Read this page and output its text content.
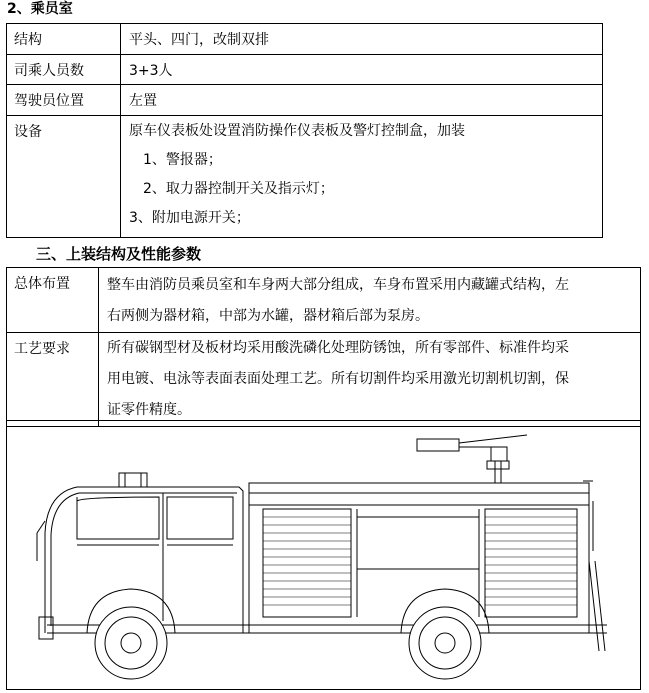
2、乘员室
结构	平头、四门，改制双排
司乘人员数	3+3人
驾驶员位置	左置
设备	原车仪表板处设置消防操作仪表板及警灯控制盒，加装
1、警报器；
2、取力器控制开关及指示灯；
3、附加电源开关；
三、上装结构及性能参数
总体布置	整车由消防员乘员室和车身两大部分组成，车身布置采用内藏罐式结构，左
右两侧为器材箱，中部为水罐，器材箱后部为泵房。

工艺要求	所有碳钢型材及板材均采用酸洗磷化处理防锈蚀，所有零部件、标准件均采
用电镀、电泳等表面表面处理工艺。所有切割件均采用激光切割机切割，保
证零件精度。
